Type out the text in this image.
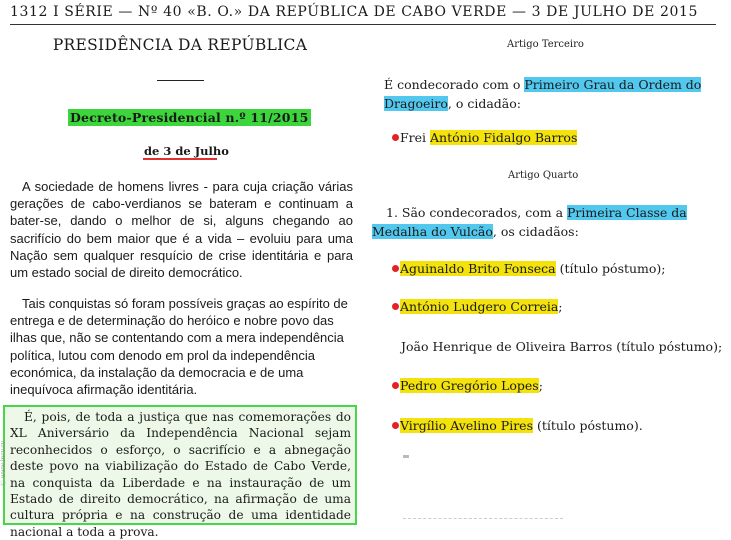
1312 I SÉRIE — Nº 40 «B. O.» DA REPÚBLICA DE CABO VERDE — 3 DE JULHO DE 2015
PRESIDÊNCIA DA REPÚBLICA
Decreto-Presidencial n.º 11/2015
de 3 de Julho
A sociedade de homens livres - para cuja criação várias gerações de cabo-verdianos se bateram e continuam a bater-se, dando o melhor de si, alguns chegando ao sacrifício do bem maior que é a vida – evoluiu para uma Nação sem qualquer resquício de crise identitária e para um estado social de direito democrático.
Tais conquistas só foram possíveis graças ao espírito de entrega e de determinação do heróico e nobre povo das ilhas que, não se contentando com a mera independência política, lutou com denodo em prol da independência económica, da instalação da democracia e de uma inequívoca afirmação identitária.
É, pois, de toda a justiça que nas comemorações do XL Aniversário da Independência Nacional sejam reconhecidos o esforço, o sacrifício e a abnegação deste povo na viabilização do Estado de Cabo Verde, na conquista da Liberdade e na instauração de um Estado de direito democrático, na afirmação de uma cultura própria e na construção de uma identidade nacional a toda a prova.
Ⓒ www.incv.cv
Artigo Terceiro
É condecorado com o Primeiro Grau da Ordem do Dragoeiro, o cidadão:
Frei António Fidalgo Barros
Artigo Quarto
1. São condecorados, com a Primeira Classe da Medalha do Vulcão, os cidadãos:
Aguinaldo Brito Fonseca (título póstumo);
António Ludgero Correia;
João Henrique de Oliveira Barros (título póstumo);
Pedro Gregório Lopes;
Virgílio Avelino Pires (título póstumo).
